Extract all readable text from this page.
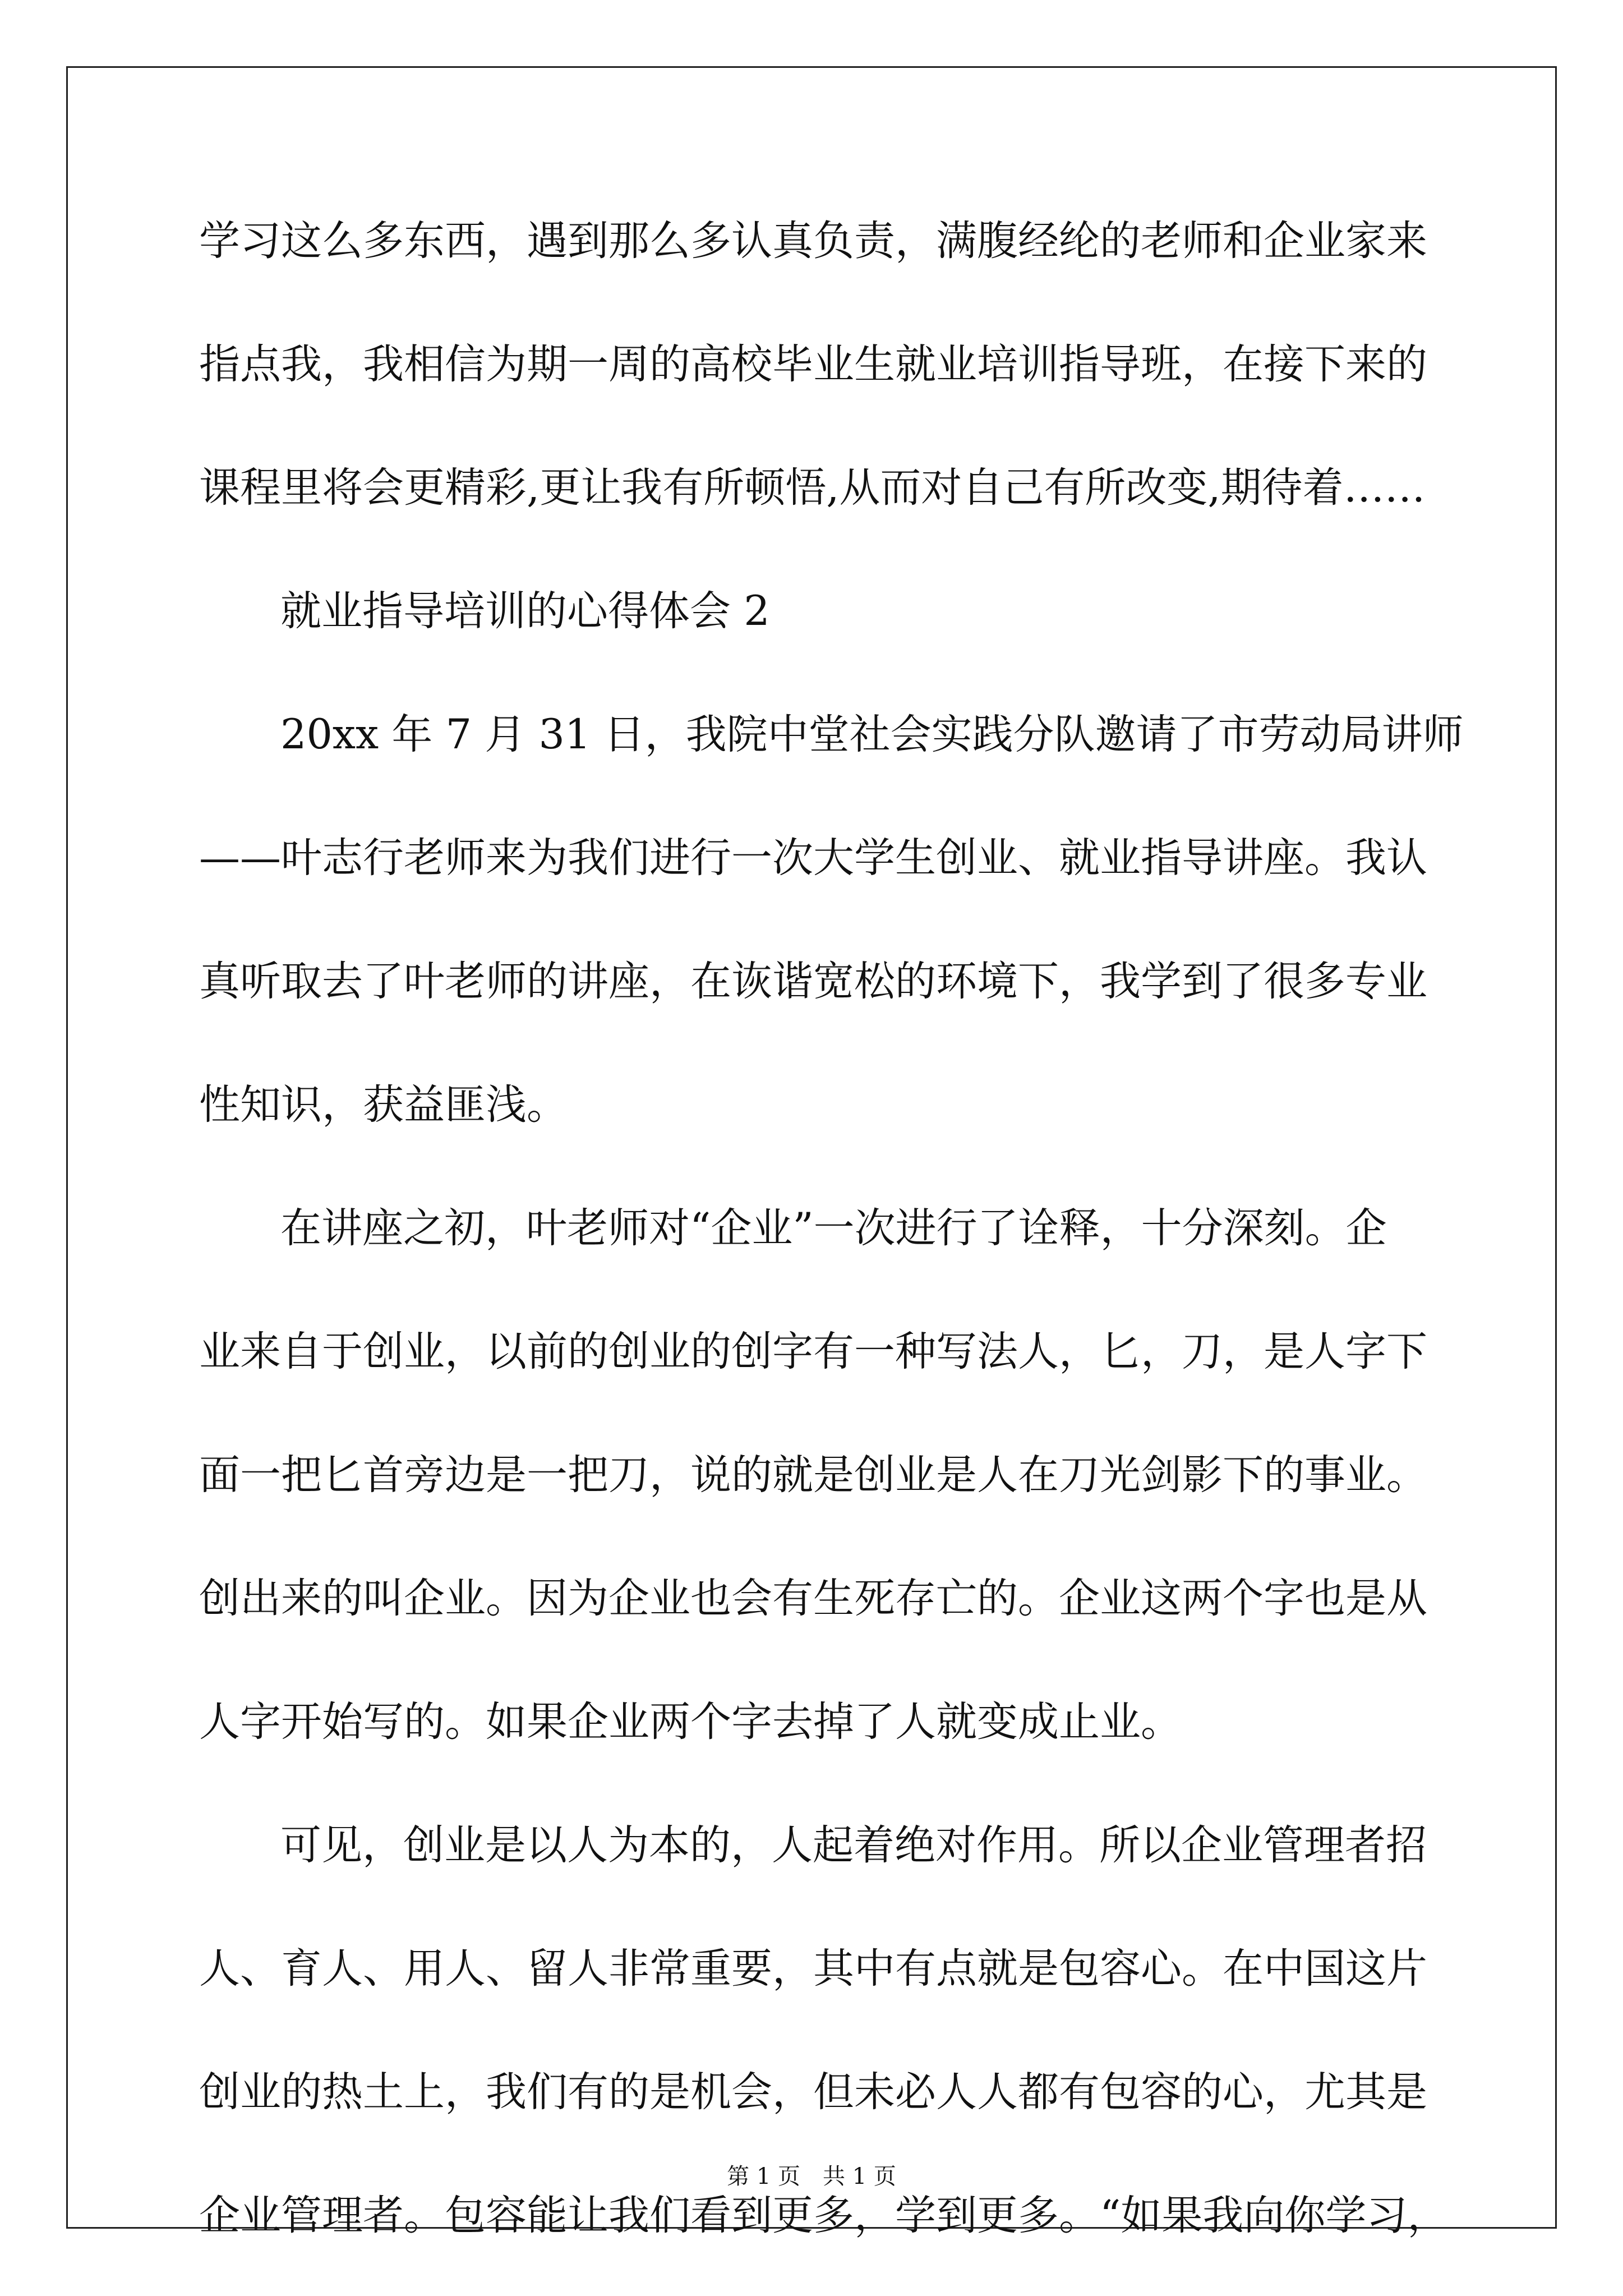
学习这么多东西，遇到那么多认真负责，满腹经纶的老师和企业家来
指点我，我相信为期一周的高校毕业生就业培训指导班，在接下来的
课程里将会更精彩,更让我有所顿悟,从而对自己有所改变,期待着……
就业指导培训的心得体会 2
20xx 年 7 月 31 日，我院中堂社会实践分队邀请了市劳动局讲师
——叶志行老师来为我们进行一次大学生创业、就业指导讲座。我认
真听取去了叶老师的讲座，在诙谐宽松的环境下，我学到了很多专业
性知识，获益匪浅。
在讲座之初，叶老师对“企业”一次进行了诠释，十分深刻。企
业来自于创业，以前的创业的创字有一种写法人，匕，刀，是人字下
面一把匕首旁边是一把刀，说的就是创业是人在刀光剑影下的事业。
创出来的叫企业。因为企业也会有生死存亡的。企业这两个字也是从
人字开始写的。如果企业两个字去掉了人就变成止业。
可见，创业是以人为本的，人起着绝对作用。所以企业管理者招
人、育人、用人、留人非常重要，其中有点就是包容心。在中国这片
创业的热土上，我们有的是机会，但未必人人都有包容的心，尤其是
企业管理者。包容能让我们看到更多，学到更多。“如果我向你学习，
第 1 页 共 1 页
